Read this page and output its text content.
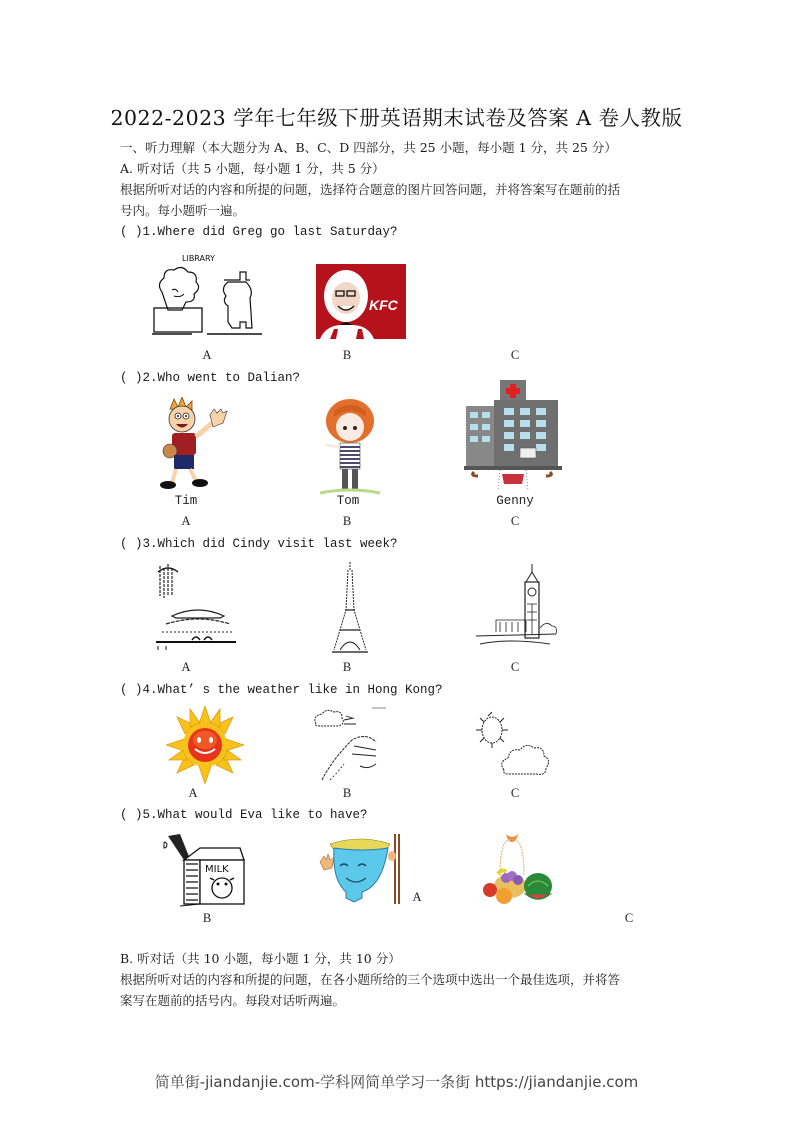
2022-2023 学年七年级下册英语期末试卷及答案 A 卷人教版
一、听力理解（本大题分为 A、B、C、D 四部分，共 25 小题，每小题 1 分，共 25 分）
A. 听对话（共 5 小题，每小题 1 分，共 5 分）
根据所听对话的内容和所提的问题，选择符合题意的图片回答问题，并将答案写在题前的括
号内。每小题听一遍。
( )1.Where did Greg go last Saturday?
LIBRARY
KFC
A	B	C
( )2.Who went to Dalian?
Tim	Tom	Genny
A	B	C
( )3.Which did Cindy visit last week?
A	B	C
( )4.What’ s the weather like in Hong Kong?
A	B	C
( )5.What would Eva like to have?
MILK
A
B	C
B. 听对话（共 10 小题，每小题 1 分，共 10 分）
根据所听对话的内容和所提的问题，在各小题所给的三个选项中选出一个最佳选项，并将答
案写在题前的括号内。每段对话听两遍。
简单街-jiandanjie.com-学科网简单学习一条街 https://jiandanjie.com
